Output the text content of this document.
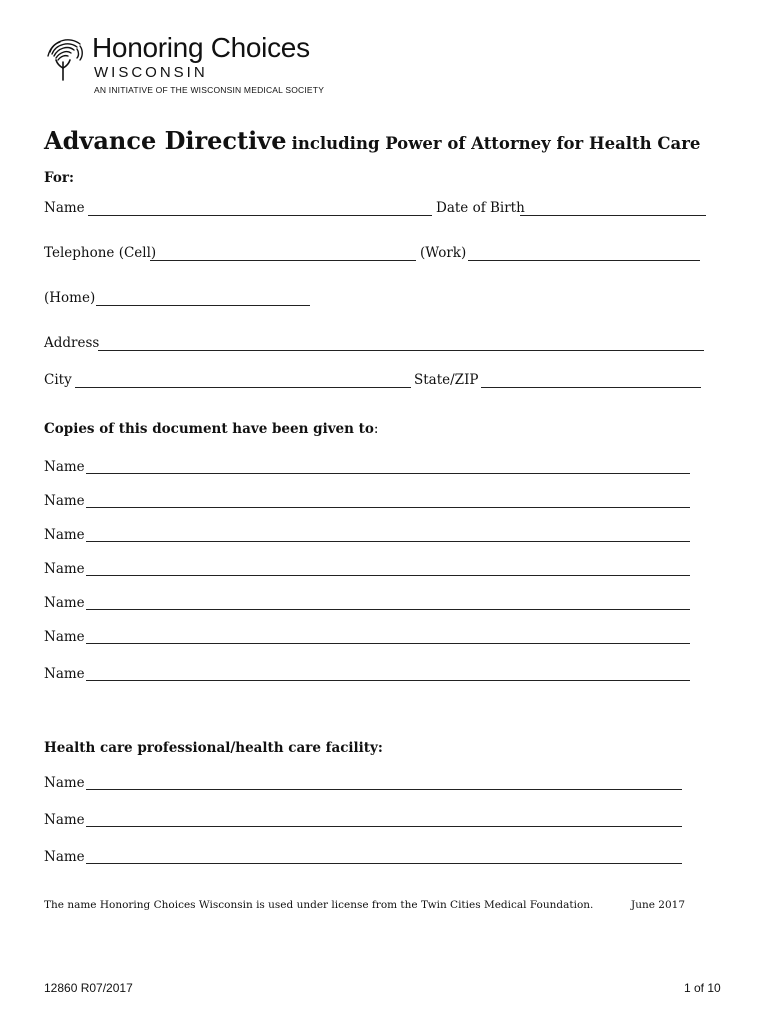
Honoring Choices
WISCONSIN
AN INITIATIVE OF THE WISCONSIN MEDICAL SOCIETY
Advance Directive including Power of Attorney for Health Care
For:
Name	Date of Birth
Telephone (Cell)	(Work)
(Home)
Address
City	State/ZIP
Copies of this document have been given to:
Name
Name
Name
Name
Name
Name
Name
Health care professional/health care facility:
Name
Name
Name
The name Honoring Choices Wisconsin is used under license from the Twin Cities Medical Foundation.	June 2017
12860 R07/2017	1 of 10
